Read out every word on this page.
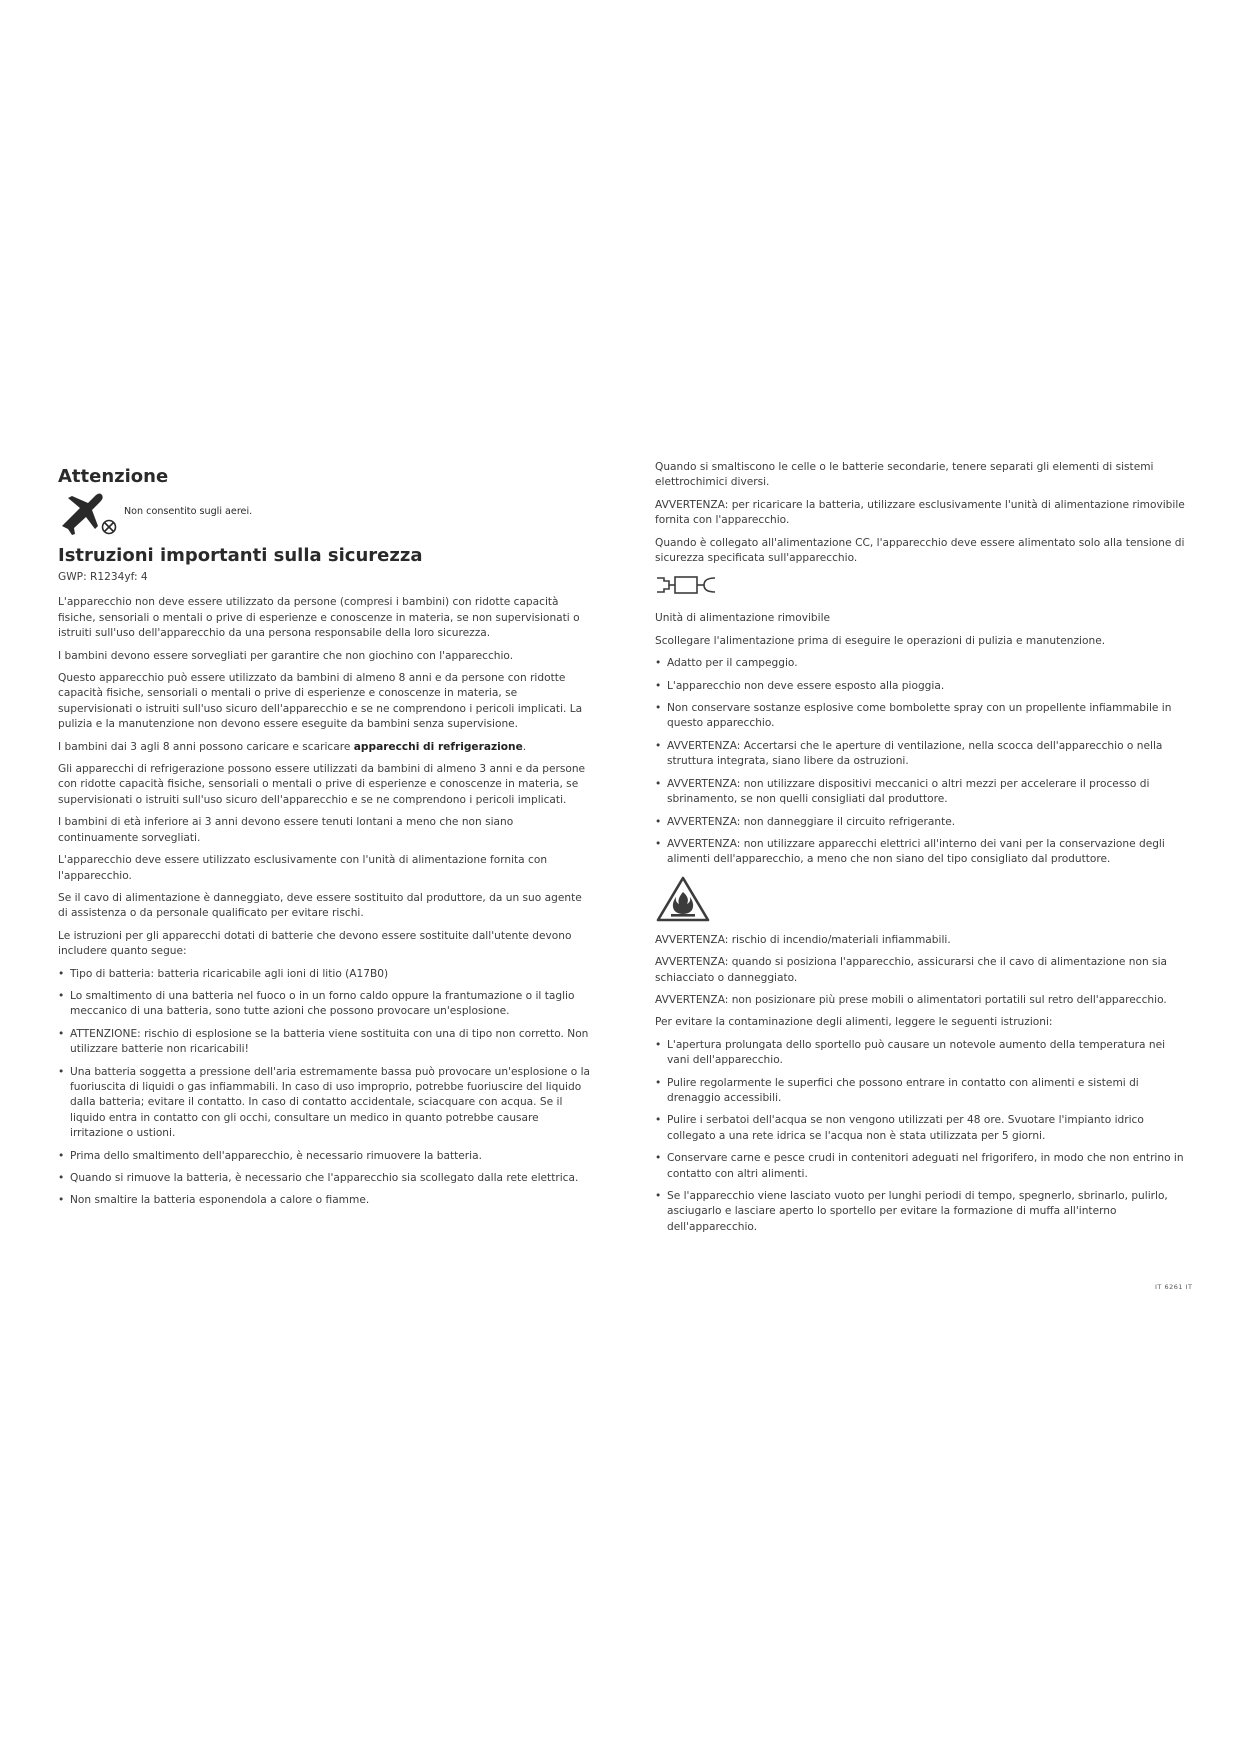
Attenzione
Non consentito sugli aerei.
Istruzioni importanti sulla sicurezza

GWP: R1234yf: 4

L'apparecchio non deve essere utilizzato da persone (compresi i bambini) con ridotte capacità fisiche, sensoriali o mentali o prive di esperienze e conoscenze in materia, se non supervisionati o istruiti sull'uso dell'apparecchio da una persona responsabile della loro sicurezza.

I bambini devono essere sorvegliati per garantire che non giochino con l'apparecchio.

Questo apparecchio può essere utilizzato da bambini di almeno 8 anni e da persone con ridotte capacità fisiche, sensoriali o mentali o prive di esperienze e conoscenze in materia, se supervisionati o istruiti sull'uso sicuro dell'apparecchio e se ne comprendono i pericoli implicati. La pulizia e la manutenzione non devono essere eseguite da bambini senza supervisione.

I bambini dai 3 agli 8 anni possono caricare e scaricare apparecchi di refrigerazione.

Gli apparecchi di refrigerazione possono essere utilizzati da bambini di almeno 3 anni e da persone con ridotte capacità fisiche, sensoriali o mentali o prive di esperienze e conoscenze in materia, se supervisionati o istruiti sull'uso sicuro dell'apparecchio e se ne comprendono i pericoli implicati.

I bambini di età inferiore ai 3 anni devono essere tenuti lontani a meno che non siano continuamente sorvegliati.

L'apparecchio deve essere utilizzato esclusivamente con l'unità di alimentazione fornita con l'apparecchio.

Se il cavo di alimentazione è danneggiato, deve essere sostituito dal produttore, da un suo agente di assistenza o da personale qualificato per evitare rischi.

Le istruzioni per gli apparecchi dotati di batterie che devono essere sostituite dall'utente devono includere quanto segue:

• Tipo di batteria: batteria ricaricabile agli ioni di litio (A17B0)
• Lo smaltimento di una batteria nel fuoco o in un forno caldo oppure la frantumazione o il taglio meccanico di una batteria, sono tutte azioni che possono provocare un'esplosione.
• ATTENZIONE: rischio di esplosione se la batteria viene sostituita con una di tipo non corretto. Non utilizzare batterie non ricaricabili!
• Una batteria soggetta a pressione dell'aria estremamente bassa può provocare un'esplosione o la fuoriuscita di liquidi o gas infiammabili. In caso di uso improprio, potrebbe fuoriuscire del liquido dalla batteria; evitare il contatto. In caso di contatto accidentale, sciacquare con acqua. Se il liquido entra in contatto con gli occhi, consultare un medico in quanto potrebbe causare irritazione o ustioni.
• Prima dello smaltimento dell'apparecchio, è necessario rimuovere la batteria.
• Quando si rimuove la batteria, è necessario che l'apparecchio sia scollegato dalla rete elettrica.
• Non smaltire la batteria esponendola a calore o fiamme.

Quando si smaltiscono le celle o le batterie secondarie, tenere separati gli elementi di sistemi elettrochimici diversi.

AVVERTENZA: per ricaricare la batteria, utilizzare esclusivamente l'unità di alimentazione rimovibile fornita con l'apparecchio.

Quando è collegato all'alimentazione CC, l'apparecchio deve essere alimentato solo alla tensione di sicurezza specificata sull'apparecchio.

Unità di alimentazione rimovibile

Scollegare l'alimentazione prima di eseguire le operazioni di pulizia e manutenzione.

• Adatto per il campeggio.
• L'apparecchio non deve essere esposto alla pioggia.
• Non conservare sostanze esplosive come bombolette spray con un propellente infiammabile in questo apparecchio.
• AVVERTENZA: Accertarsi che le aperture di ventilazione, nella scocca dell'apparecchio o nella struttura integrata, siano libere da ostruzioni.
• AVVERTENZA: non utilizzare dispositivi meccanici o altri mezzi per accelerare il processo di sbrinamento, se non quelli consigliati dal produttore.
• AVVERTENZA: non danneggiare il circuito refrigerante.
• AVVERTENZA: non utilizzare apparecchi elettrici all'interno dei vani per la conservazione degli alimenti dell'apparecchio, a meno che non siano del tipo consigliato dal produttore.

AVVERTENZA: rischio di incendio/materiali infiammabili.

AVVERTENZA: quando si posiziona l'apparecchio, assicurarsi che il cavo di alimentazione non sia schiacciato o danneggiato.

AVVERTENZA: non posizionare più prese mobili o alimentatori portatili sul retro dell'apparecchio.

Per evitare la contaminazione degli alimenti, leggere le seguenti istruzioni:

• L'apertura prolungata dello sportello può causare un notevole aumento della temperatura nei vani dell'apparecchio.
• Pulire regolarmente le superfici che possono entrare in contatto con alimenti e sistemi di drenaggio accessibili.
• Pulire i serbatoi dell'acqua se non vengono utilizzati per 48 ore. Svuotare l'impianto idrico collegato a una rete idrica se l'acqua non è stata utilizzata per 5 giorni.
• Conservare carne e pesce crudi in contenitori adeguati nel frigorifero, in modo che non entrino in contatto con altri alimenti.
• Se l'apparecchio viene lasciato vuoto per lunghi periodi di tempo, spegnerlo, sbrinarlo, pulirlo, asciugarlo e lasciare aperto lo sportello per evitare la formazione di muffa all'interno dell'apparecchio.
IT 6261 IT
